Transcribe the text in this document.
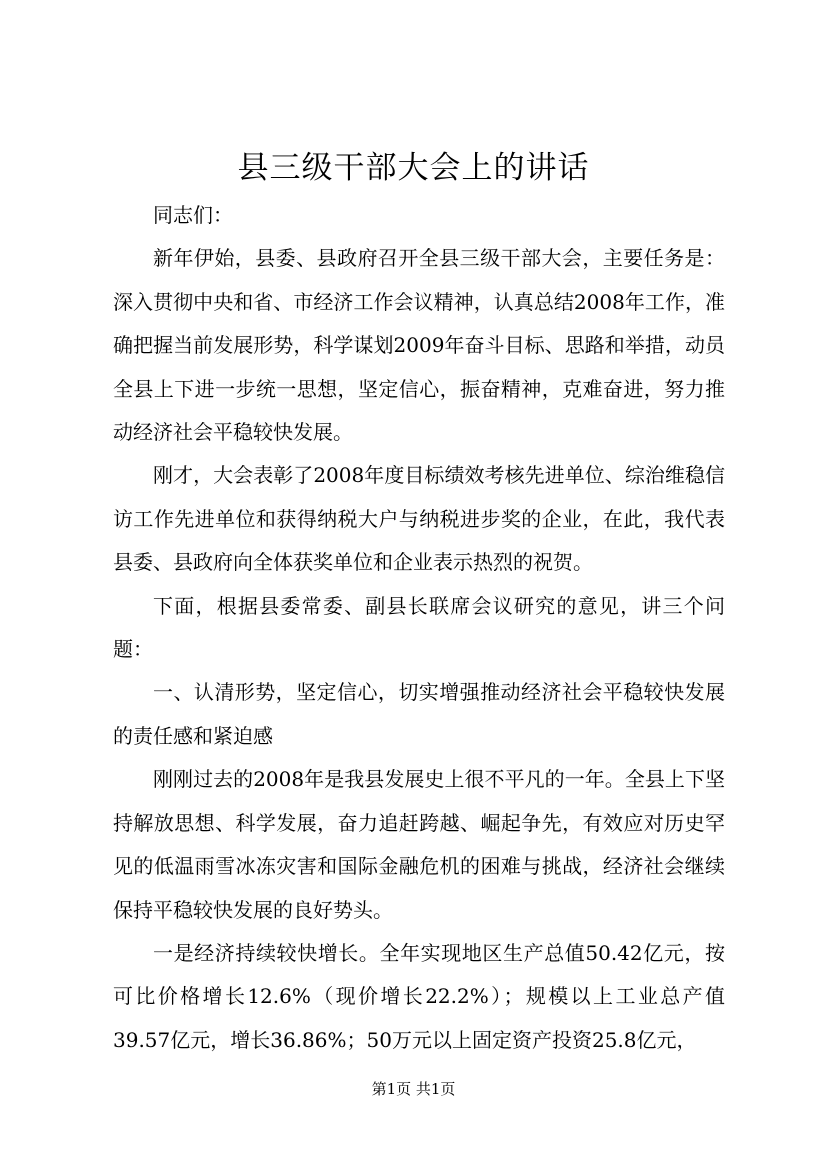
县三级干部大会上的讲话

同志们：

新年伊始，县委、县政府召开全县三级干部大会，主要任务是：深入贯彻中央和省、市经济工作会议精神，认真总结2008年工作，准确把握当前发展形势，科学谋划2009年奋斗目标、思路和举措，动员全县上下进一步统一思想，坚定信心，振奋精神，克难奋进，努力推动经济社会平稳较快发展。

刚才，大会表彰了2008年度目标绩效考核先进单位、综治维稳信访工作先进单位和获得纳税大户与纳税进步奖的企业，在此，我代表县委、县政府向全体获奖单位和企业表示热烈的祝贺。

下面，根据县委常委、副县长联席会议研究的意见，讲三个问题：

一、认清形势，坚定信心，切实增强推动经济社会平稳较快发展的责任感和紧迫感

刚刚过去的2008年是我县发展史上很不平凡的一年。全县上下坚持解放思想、科学发展，奋力追赶跨越、崛起争先，有效应对历史罕见的低温雨雪冰冻灾害和国际金融危机的困难与挑战，经济社会继续保持平稳较快发展的良好势头。

一是经济持续较快增长。全年实现地区生产总值50.42亿元，按可比价格增长12.6%（现价增长22.2%）；规模以上工业总产值39.57亿元，增长36.86%；50万元以上固定资产投资25.8亿元，

第1页 共1页
